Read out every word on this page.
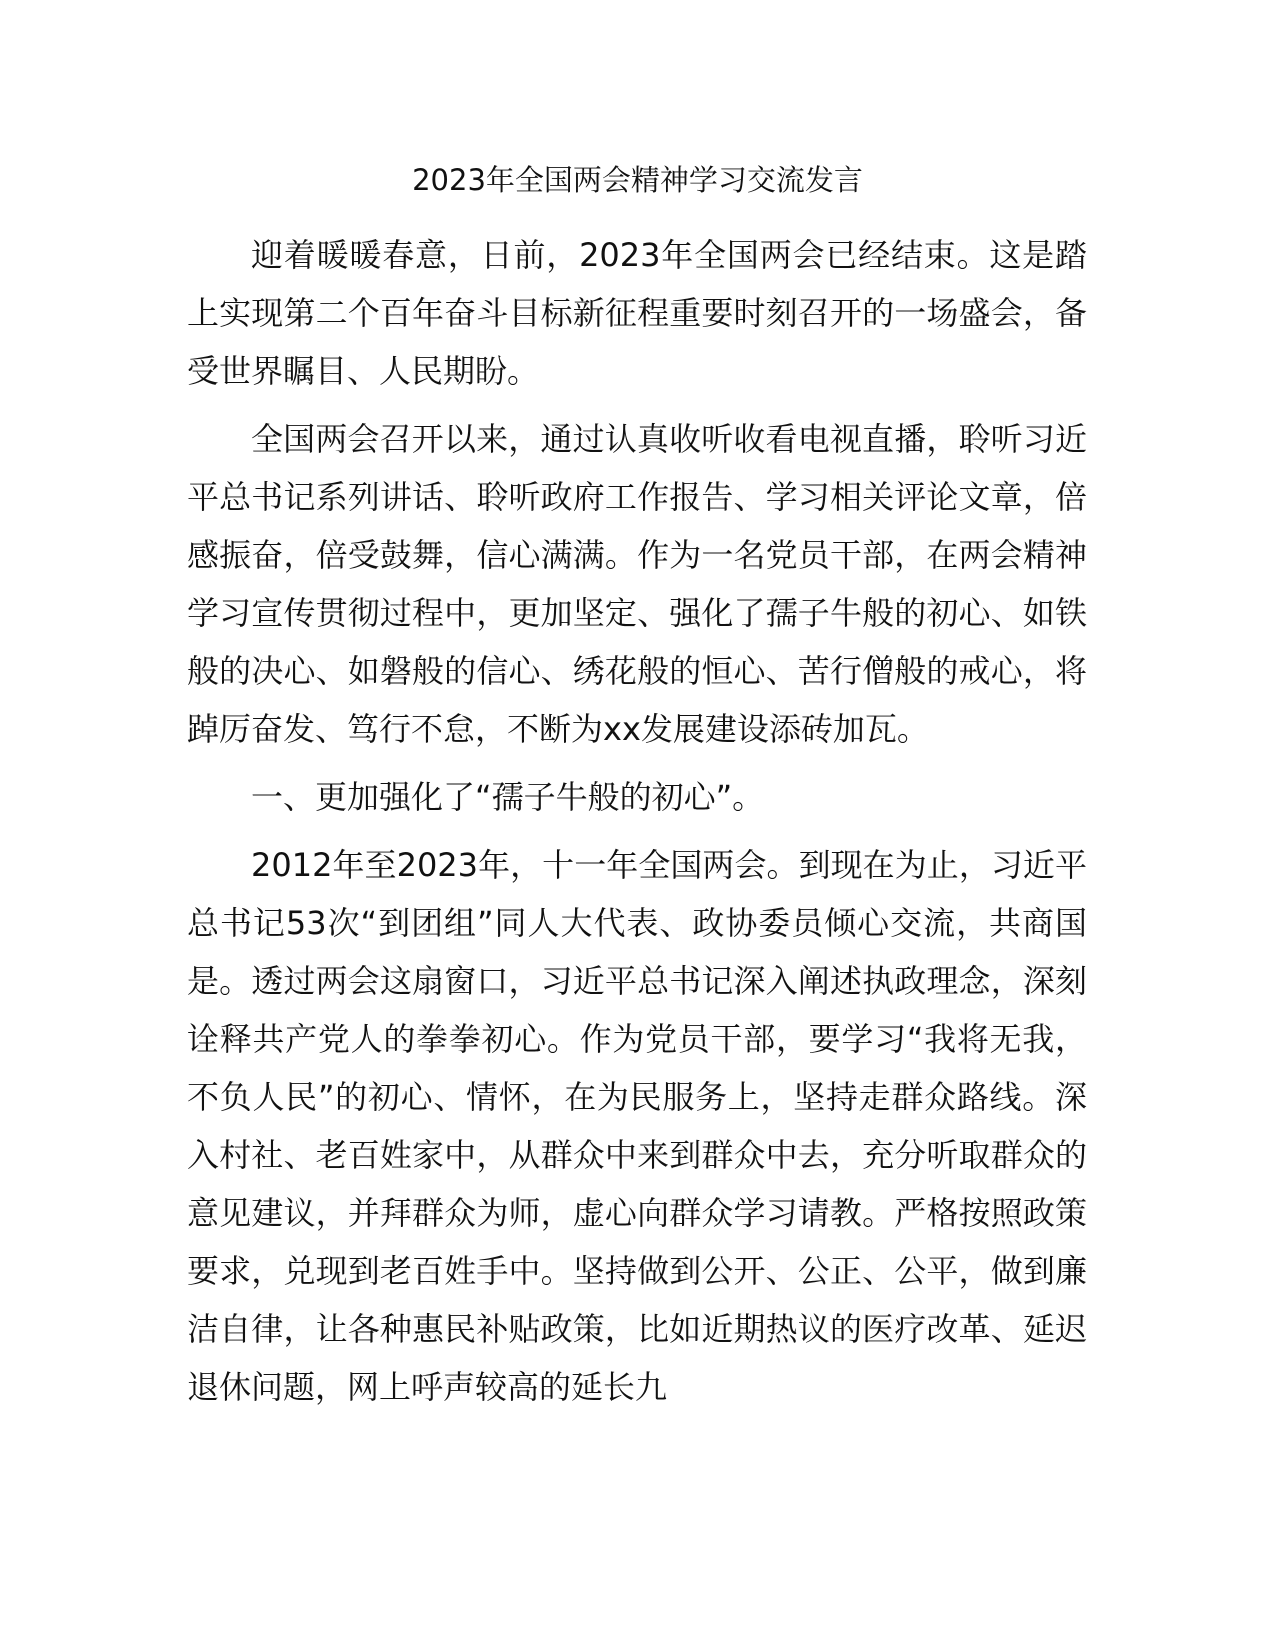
2023年全国两会精神学习交流发言

迎着暖暖春意，日前，2023年全国两会已经结束。这是踏上实现第二个百年奋斗目标新征程重要时刻召开的一场盛会，备受世界瞩目、人民期盼。

全国两会召开以来，通过认真收听收看电视直播，聆听习近平总书记系列讲话、聆听政府工作报告、学习相关评论文章，倍感振奋，倍受鼓舞，信心满满。作为一名党员干部，在两会精神学习宣传贯彻过程中，更加坚定、强化了孺子牛般的初心、如铁般的决心、如磐般的信心、绣花般的恒心、苦行僧般的戒心，将踔厉奋发、笃行不怠，不断为xx发展建设添砖加瓦。

一、更加强化了“孺子牛般的初心”。

2012年至2023年，十一年全国两会。到现在为止，习近平总书记53次“到团组”同人大代表、政协委员倾心交流，共商国是。透过两会这扇窗口，习近平总书记深入阐述执政理念，深刻诠释共产党人的拳拳初心。作为党员干部，要学习“我将无我，不负人民”的初心、情怀，在为民服务上，坚持走群众路线。深入村社、老百姓家中，从群众中来到群众中去，充分听取群众的意见建议，并拜群众为师，虚心向群众学习请教。严格按照政策要求，兑现到老百姓手中。坚持做到公开、公正、公平，做到廉洁自律，让各种惠民补贴政策，比如近期热议的医疗改革、延迟退休问题，网上呼声较高的延长九
